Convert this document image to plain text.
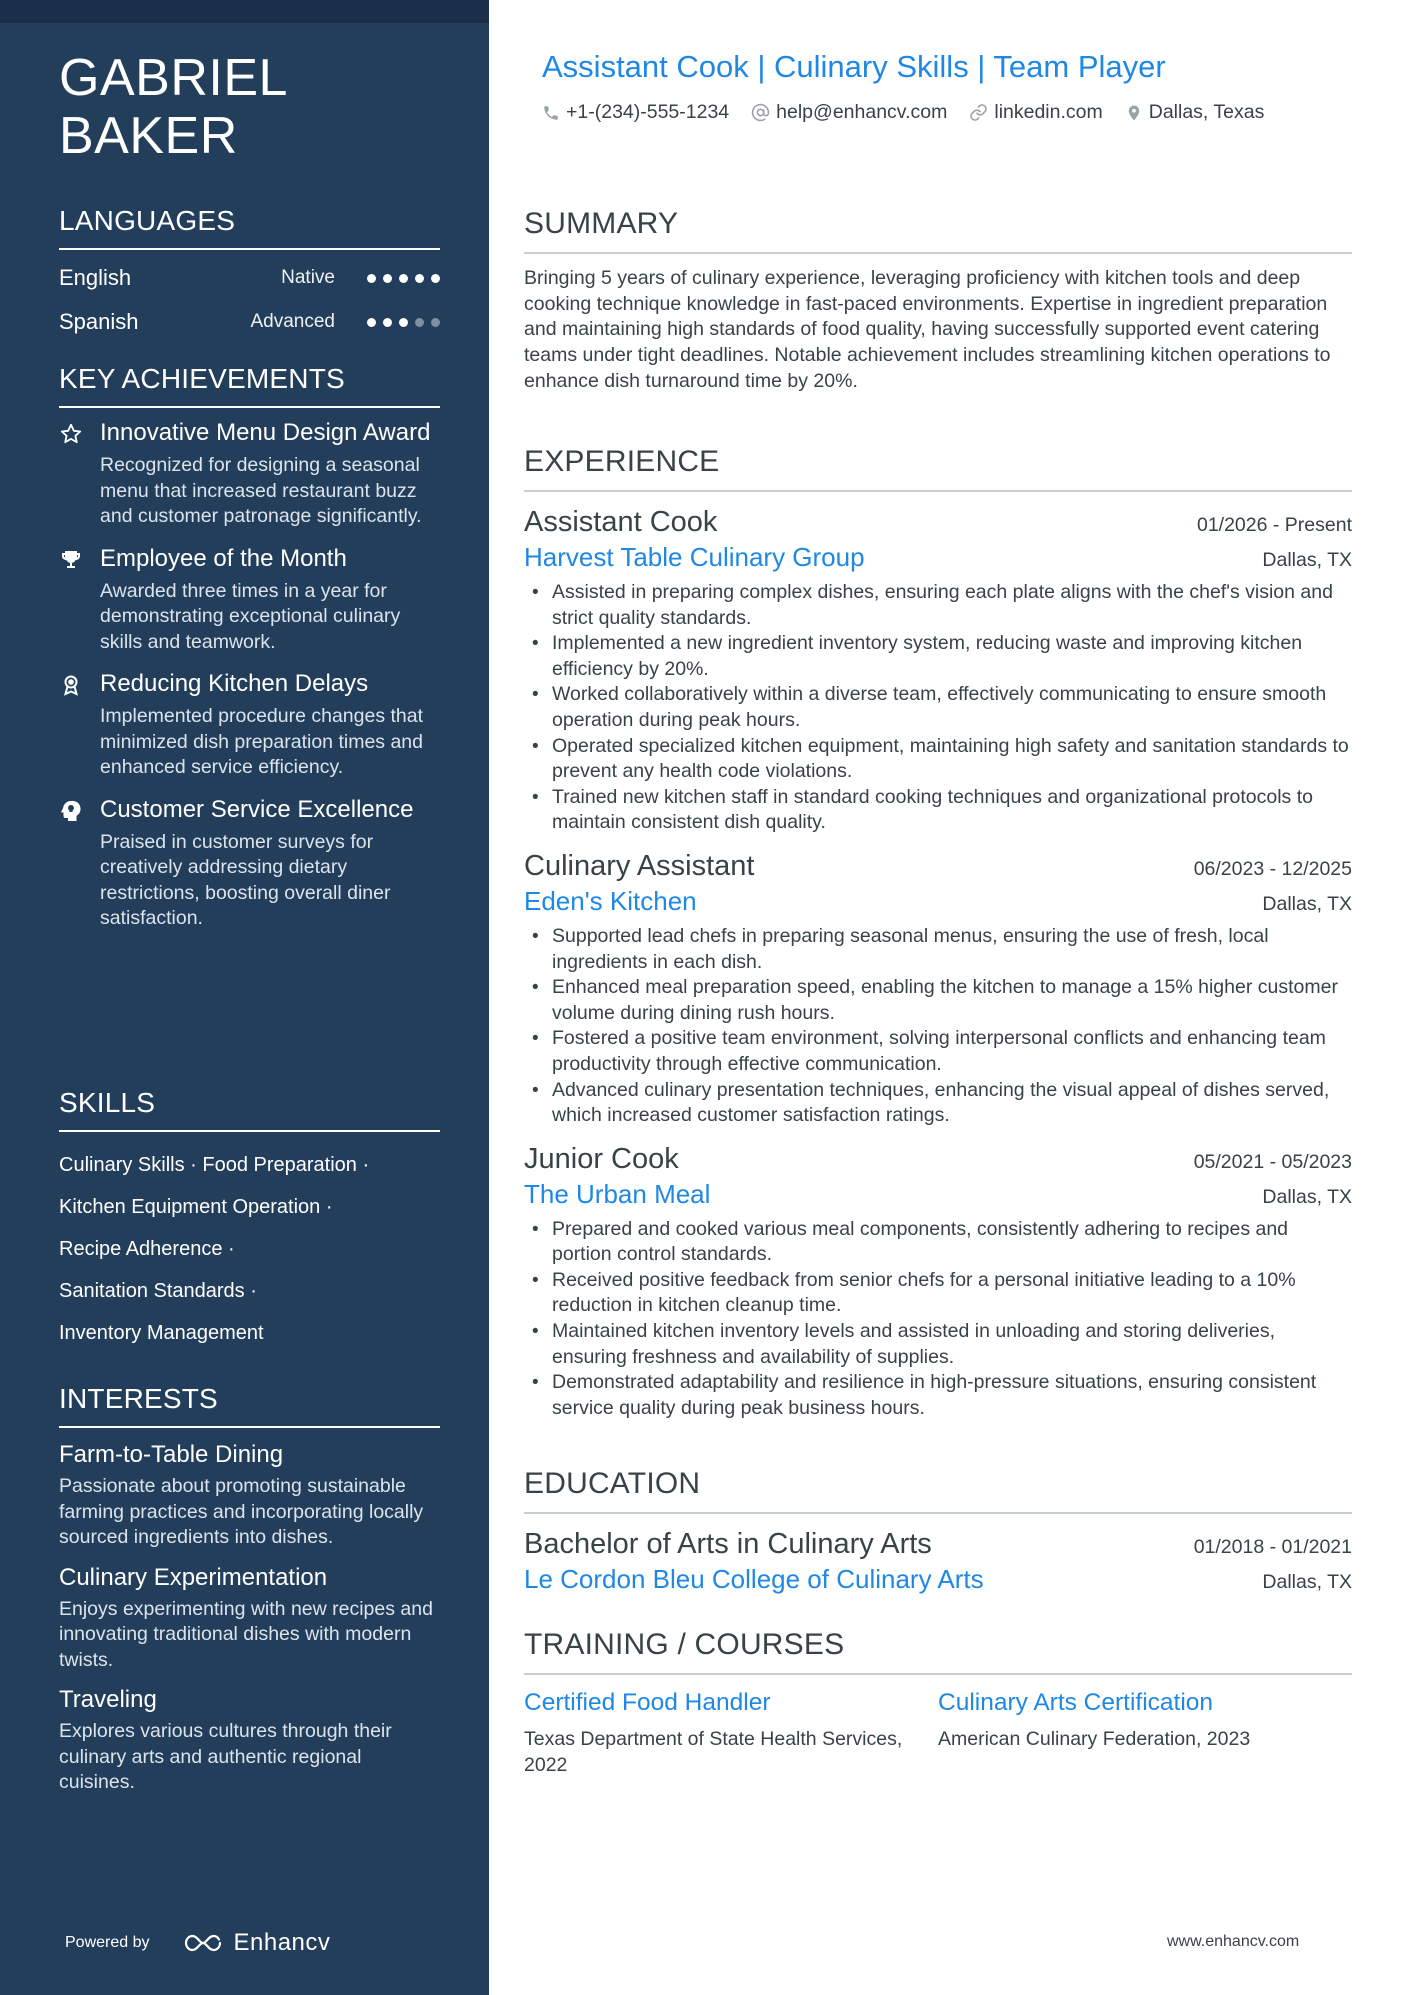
GABRIEL
BAKER
LANGUAGES
English	Native
Spanish	Advanced
KEY ACHIEVEMENTS
Innovative Menu Design Award
Recognized for designing a seasonal menu that increased restaurant buzz and customer patronage significantly.
Employee of the Month
Awarded three times in a year for demonstrating exceptional culinary skills and teamwork.
Reducing Kitchen Delays
Implemented procedure changes that minimized dish preparation times and enhanced service efficiency.
Customer Service Excellence
Praised in customer surveys for creatively addressing dietary restrictions, boosting overall diner satisfaction.
SKILLS
Culinary Skills · Food Preparation ·
Kitchen Equipment Operation ·
Recipe Adherence ·
Sanitation Standards ·
Inventory Management
INTERESTS
Farm-to-Table Dining
Passionate about promoting sustainable farming practices and incorporating locally sourced ingredients into dishes.
Culinary Experimentation
Enjoys experimenting with new recipes and innovating traditional dishes with modern twists.
Traveling
Explores various cultures through their culinary arts and authentic regional cuisines.
Powered by	Enhancv
Assistant Cook | Culinary Skills | Team Player
+1-(234)-555-1234 help@enhancv.com linkedin.com Dallas, Texas
SUMMARY

Bringing 5 years of culinary experience, leveraging proficiency with kitchen tools and deep cooking technique knowledge in fast-paced environments. Expertise in ingredient preparation and maintaining high standards of food quality, having successfully supported event catering teams under tight deadlines. Notable achievement includes streamlining kitchen operations to enhance dish turnaround time by 20%.

EXPERIENCE
Assistant Cook	01/2026 - Present
Harvest Table Culinary Group	Dallas, TX
• Assisted in preparing complex dishes, ensuring each plate aligns with the chef's vision and strict quality standards.
• Implemented a new ingredient inventory system, reducing waste and improving kitchen efficiency by 20%.
• Worked collaboratively within a diverse team, effectively communicating to ensure smooth operation during peak hours.
• Operated specialized kitchen equipment, maintaining high safety and sanitation standards to prevent any health code violations.
• Trained new kitchen staff in standard cooking techniques and organizational protocols to maintain consistent dish quality.
Culinary Assistant	06/2023 - 12/2025
Eden's Kitchen	Dallas, TX
• Supported lead chefs in preparing seasonal menus, ensuring the use of fresh, local ingredients in each dish.
• Enhanced meal preparation speed, enabling the kitchen to manage a 15% higher customer volume during dining rush hours.
• Fostered a positive team environment, solving interpersonal conflicts and enhancing team productivity through effective communication.
• Advanced culinary presentation techniques, enhancing the visual appeal of dishes served, which increased customer satisfaction ratings.
Junior Cook	05/2021 - 05/2023
The Urban Meal	Dallas, TX
• Prepared and cooked various meal components, consistently adhering to recipes and portion control standards.
• Received positive feedback from senior chefs for a personal initiative leading to a 10% reduction in kitchen cleanup time.
• Maintained kitchen inventory levels and assisted in unloading and storing deliveries, ensuring freshness and availability of supplies.
• Demonstrated adaptability and resilience in high-pressure situations, ensuring consistent service quality during peak business hours.
EDUCATION
Bachelor of Arts in Culinary Arts	01/2018 - 01/2021
Le Cordon Bleu College of Culinary Arts	Dallas, TX
TRAINING / COURSES
Certified Food Handler
Texas Department of State Health Services, 2022
Culinary Arts Certification
American Culinary Federation, 2023
www.enhancv.com
